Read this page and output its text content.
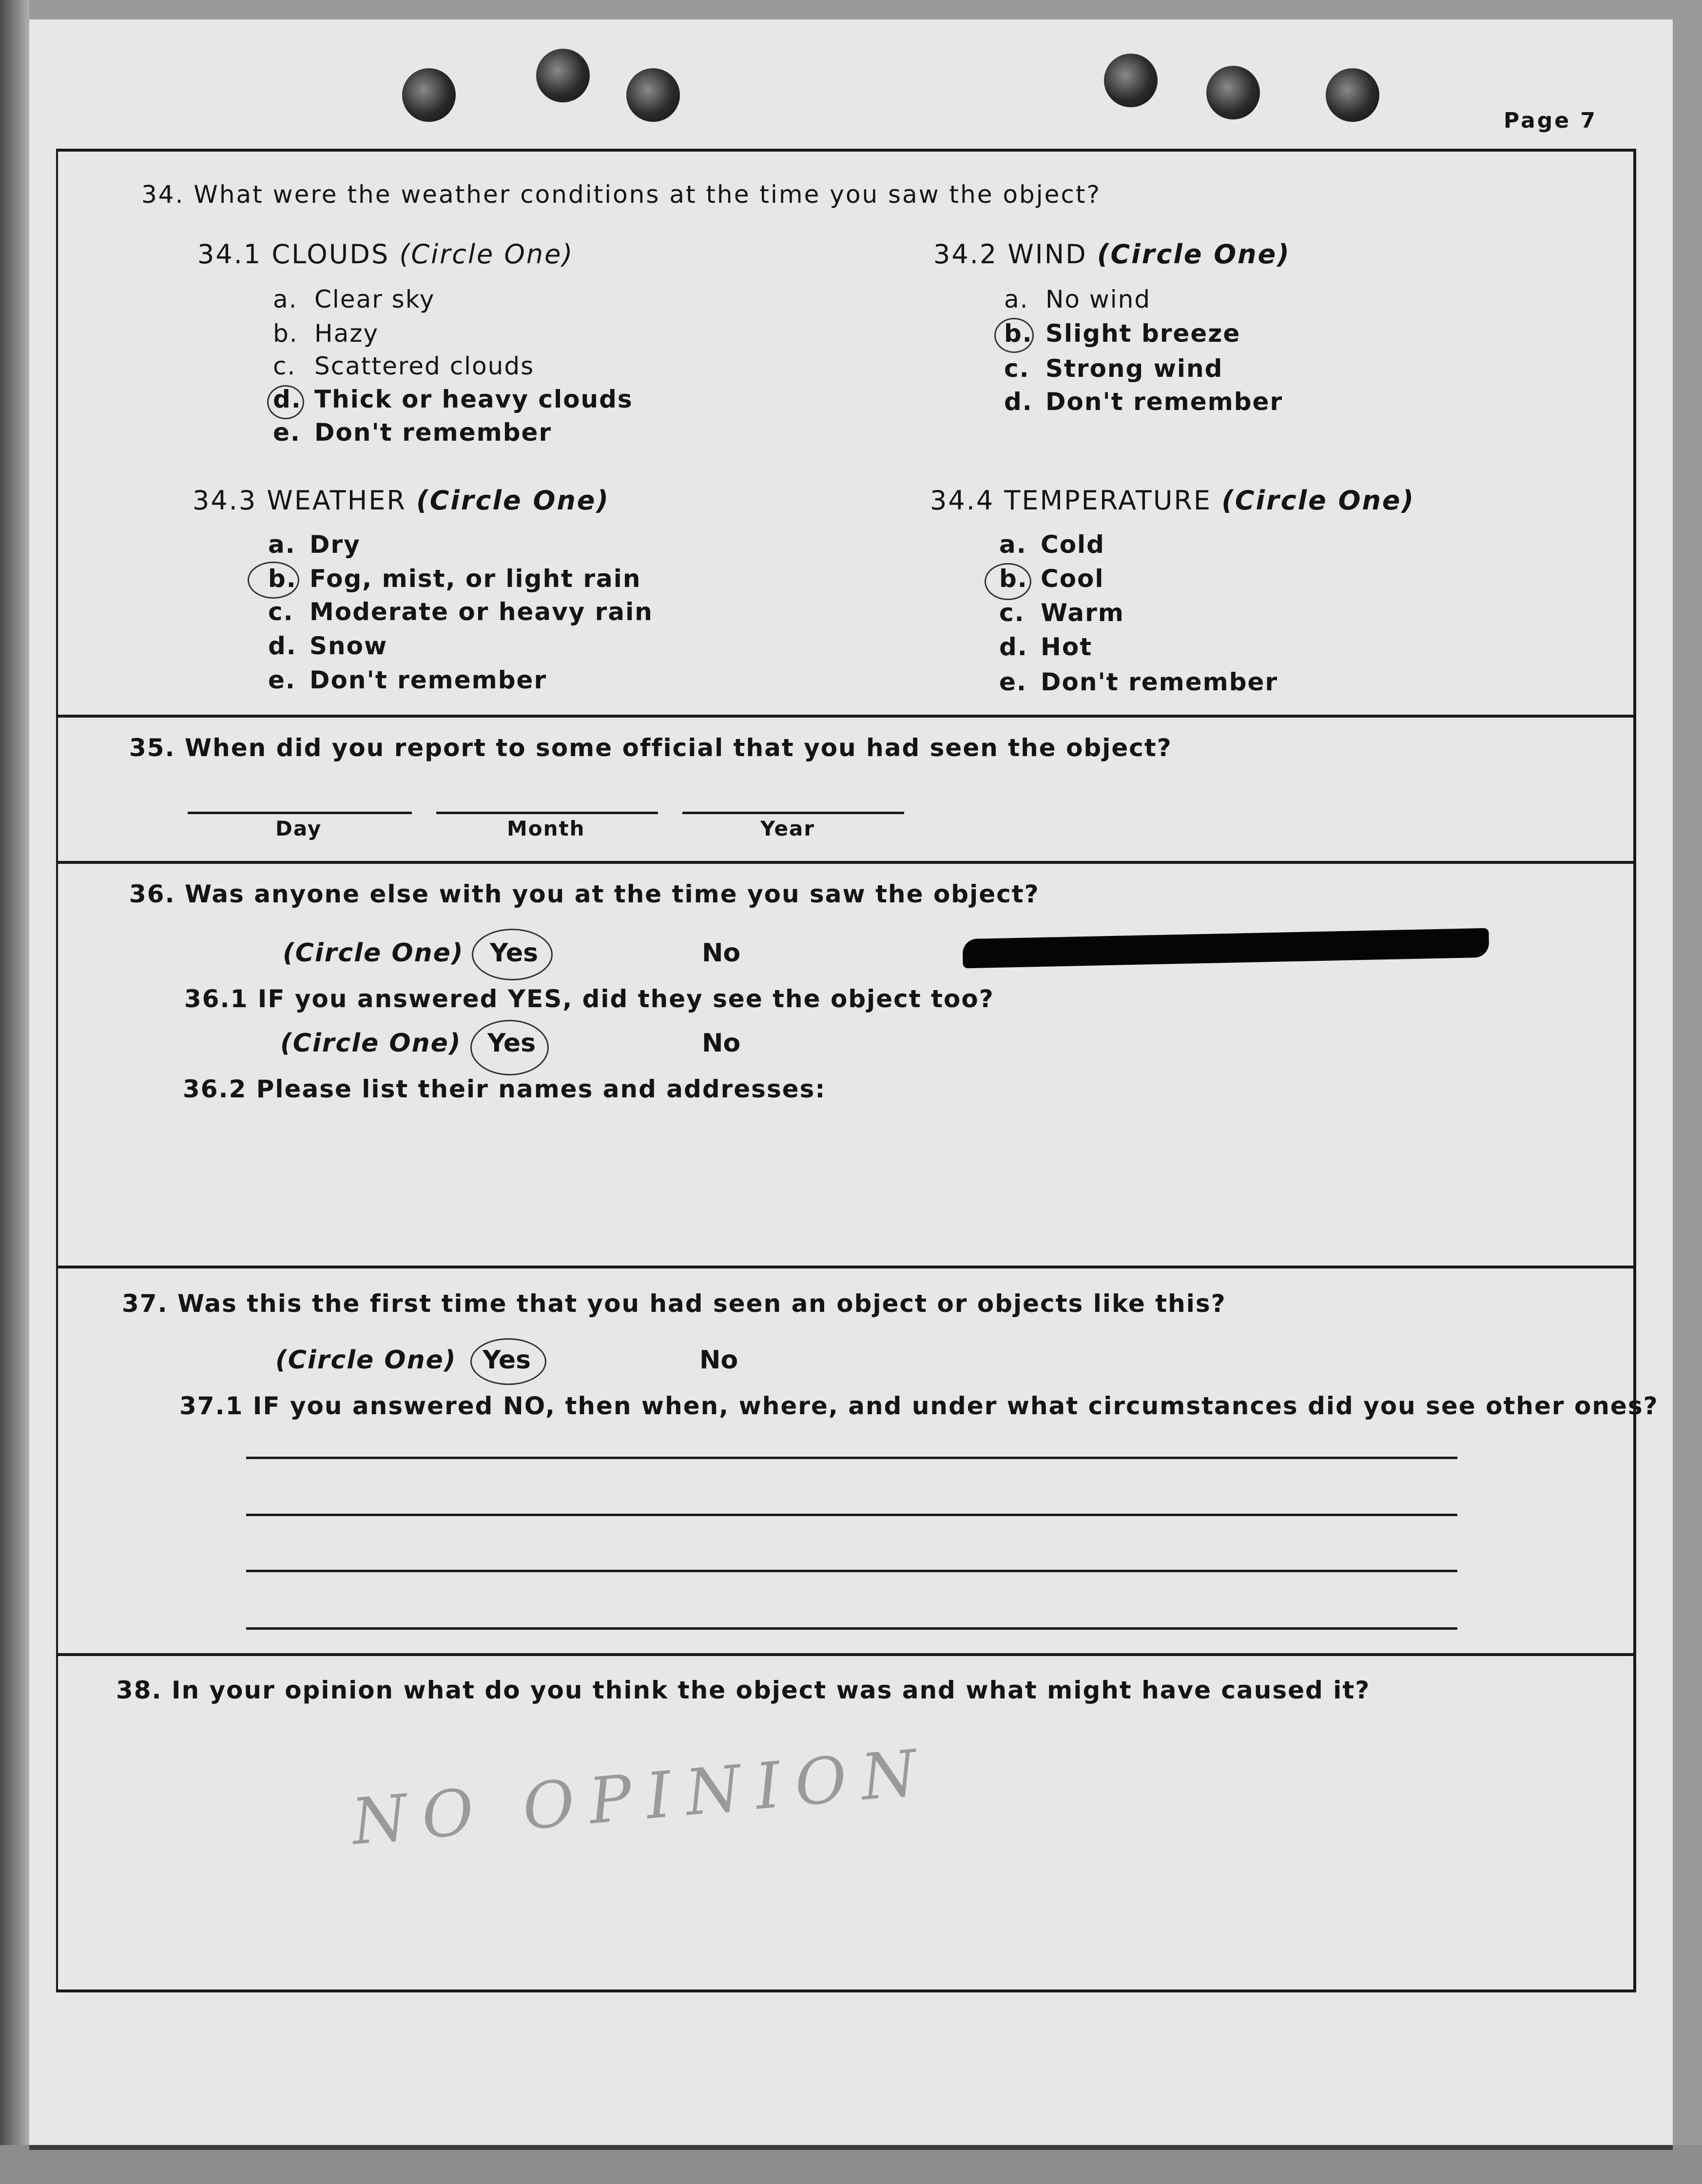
Page 7
34. What were the weather conditions at the time you saw the object?
34.1 CLOUDS (Circle One)
a. Clear sky
b. Hazy
c. Scattered clouds
d. Thick or heavy clouds
e. Don't remember
34.2 WIND (Circle One)
a. No wind
b. Slight breeze
c. Strong wind
d. Don't remember
34.3 WEATHER (Circle One)
a. Dry
b. Fog, mist, or light rain
c. Moderate or heavy rain
d. Snow
e. Don't remember
34.4 TEMPERATURE (Circle One)
a. Cold
b. Cool
c. Warm
d. Hot
e. Don't remember
35. When did you report to some official that you had seen the object?
Day	Month	Year
36. Was anyone else with you at the time you saw the object?
(Circle One) Yes	No
36.1 IF you answered YES, did they see the object too?
(Circle One) Yes	No
36.2 Please list their names and addresses:
37. Was this the first time that you had seen an object or objects like this?
(Circle One) Yes	No
37.1 IF you answered NO, then when, where, and under what circumstances did you see other ones?
38. In your opinion what do you think the object was and what might have caused it?
NO OPINION
